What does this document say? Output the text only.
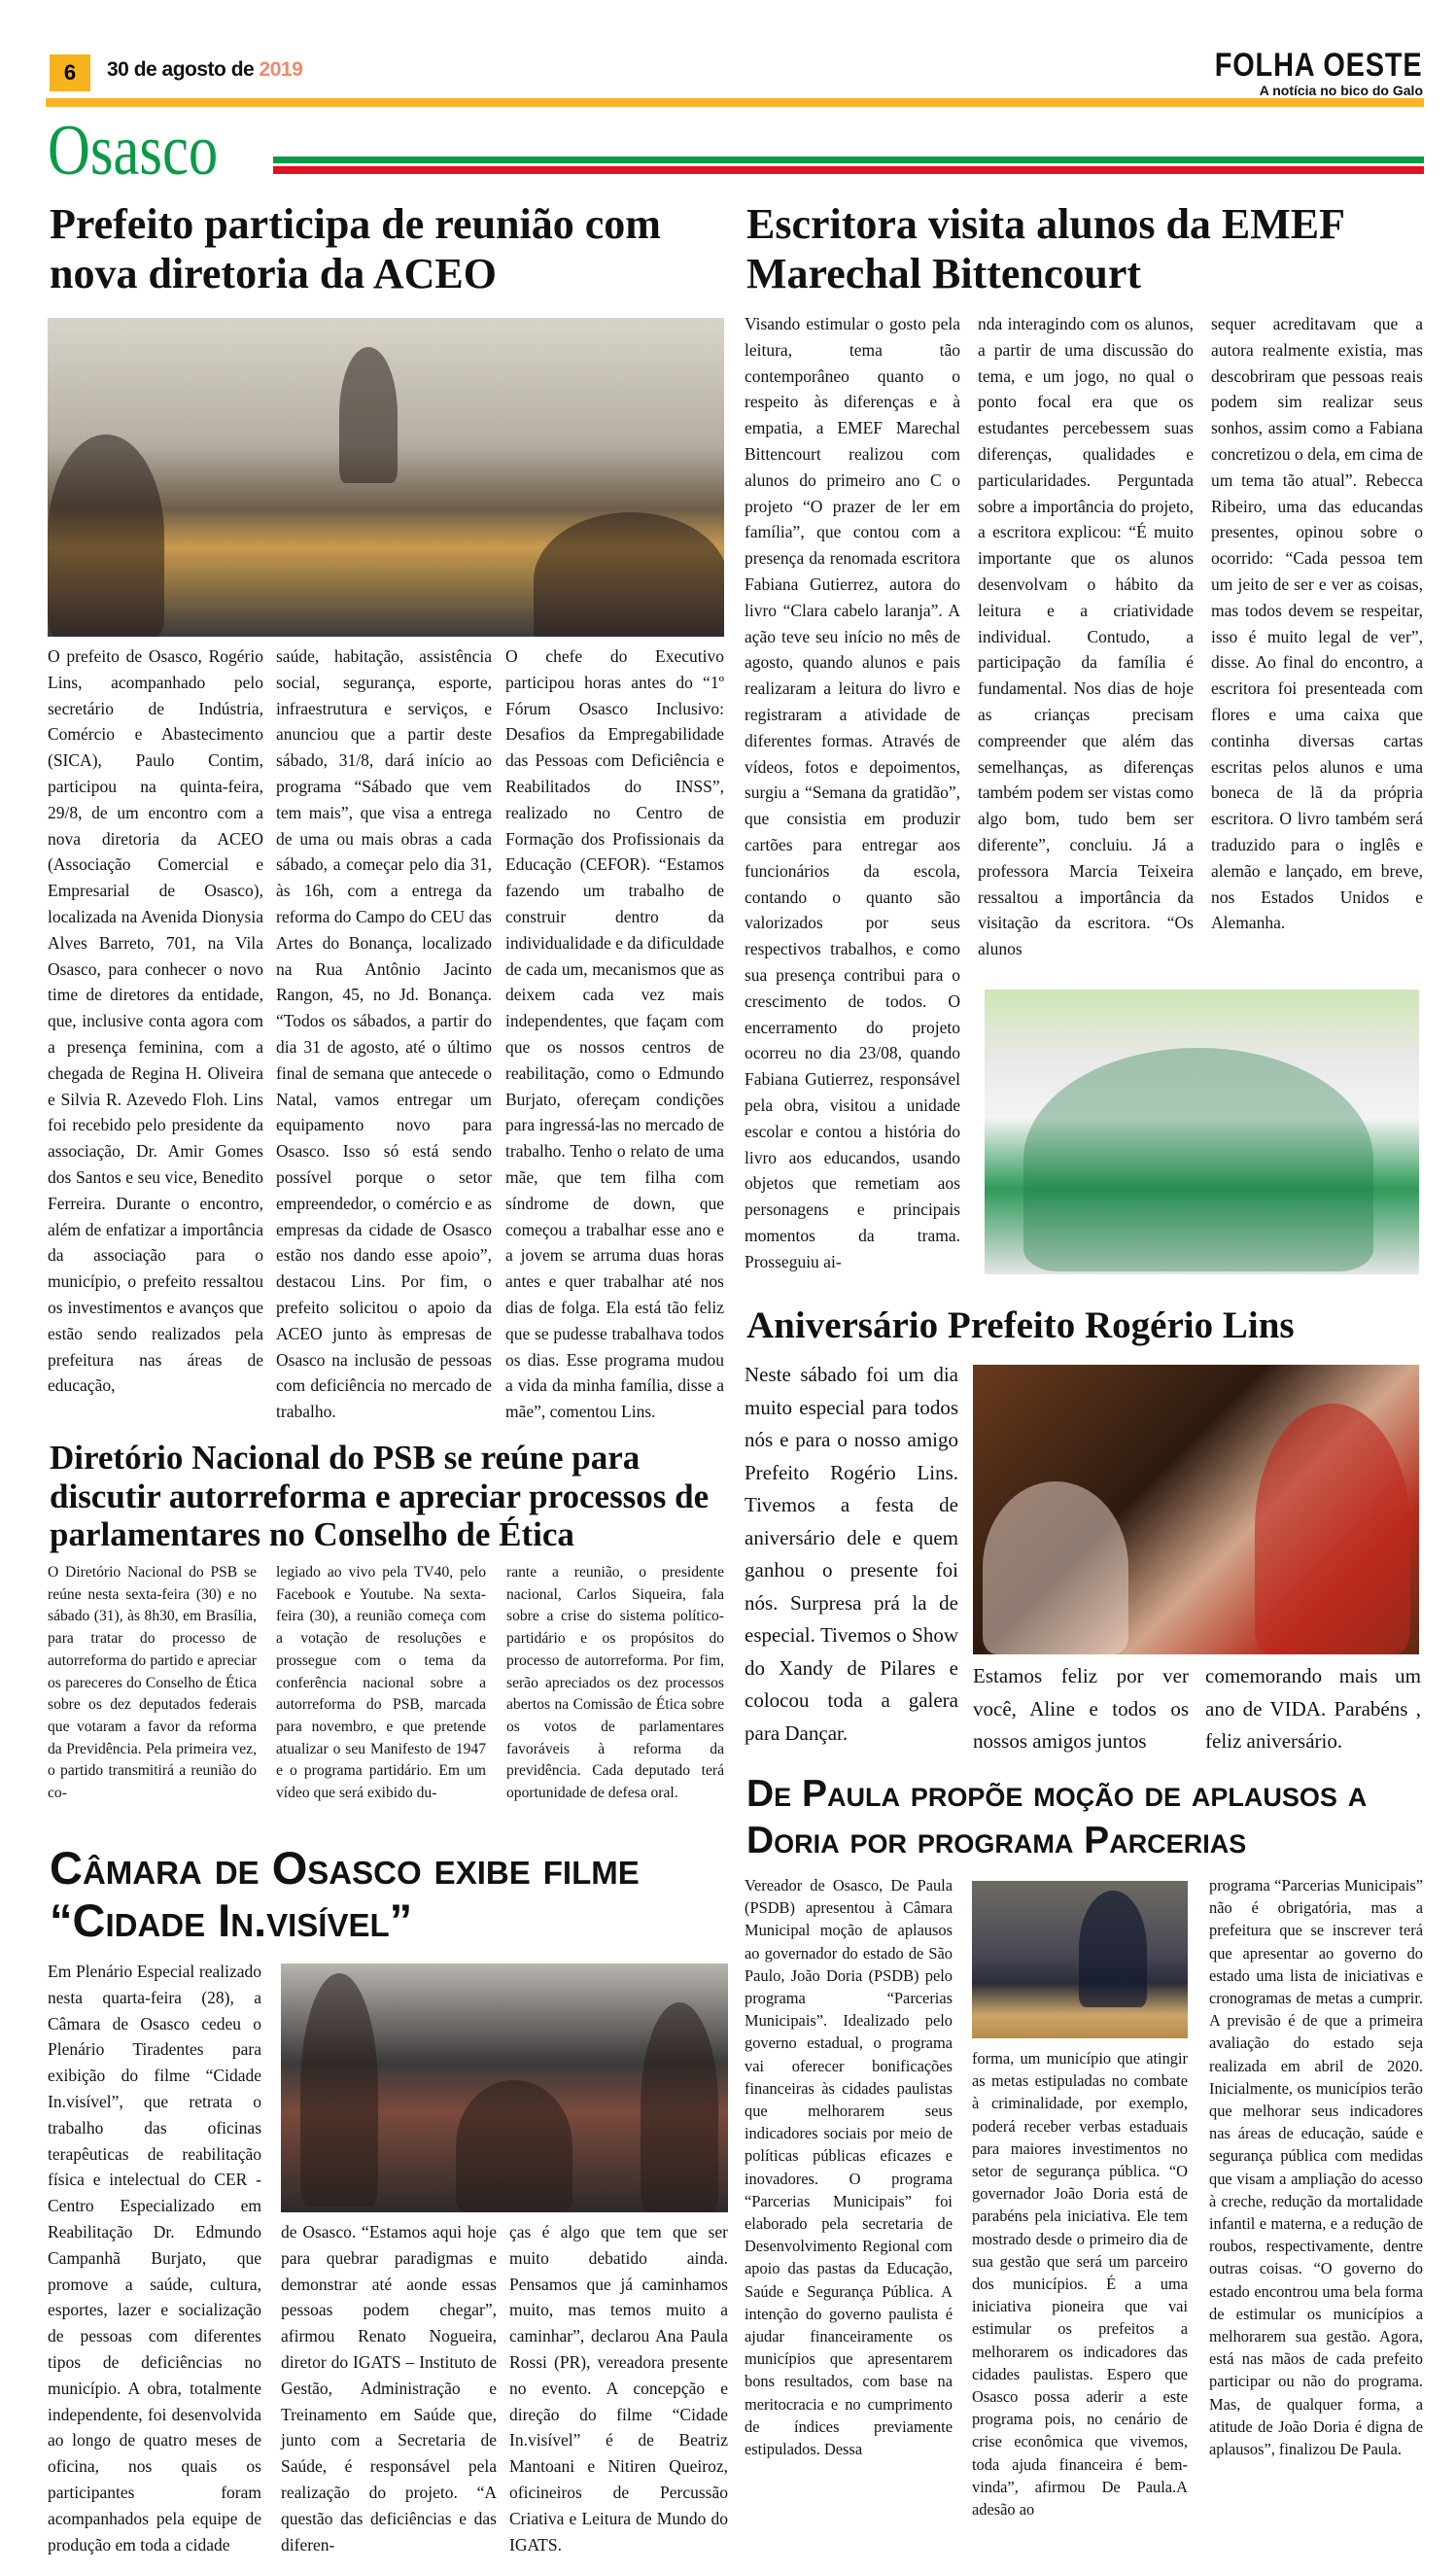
6	30 de agosto de 2019	FOLHA OESTE
A notícia no bico do Galo
Osasco
Prefeito participa de reunião com nova diretoria da ACEO

O prefeito de Osasco, Rogério Lins, acompanhado pelo secretário de Indústria, Comércio e Abastecimento (SICA), Paulo Contim, participou na quinta-feira, 29/8, de um encontro com a nova diretoria da ACEO (Associação Comercial e Empresarial de Osasco), localizada na Avenida Dionysia Alves Barreto, 701, na Vila Osasco, para conhecer o novo time de diretores da entidade, que, inclusive conta agora com a presença feminina, com a chegada de Regina H. Oliveira e Silvia R. Azevedo Floh. Lins foi recebido pelo presidente da associação, Dr. Amir Gomes dos Santos e seu vice, Benedito Ferreira. Durante o encontro, além de enfatizar a importância da associação para o município, o prefeito ressaltou os investimentos e avanços que estão sendo realizados pela prefeitura nas áreas de educação,

saúde, habitação, assistência social, segurança, esporte, infraestrutura e serviços, e anunciou que a partir deste sábado, 31/8, dará início ao programa “Sábado que vem tem mais”, que visa a entrega de uma ou mais obras a cada sábado, a começar pelo dia 31, às 16h, com a entrega da reforma do Campo do CEU das Artes do Bonança, localizado na Rua Antônio Jacinto Rangon, 45, no Jd. Bonança. “Todos os sábados, a partir do dia 31 de agosto, até o último final de semana que antecede o Natal, vamos entregar um equipamento novo para Osasco. Isso só está sendo possível porque o setor empreendedor, o comércio e as empresas da cidade de Osasco estão nos dando esse apoio”, destacou Lins. Por fim, o prefeito solicitou o apoio da ACEO junto às empresas de Osasco na inclusão de pessoas com deficiência no mercado de trabalho.

O chefe do Executivo participou horas antes do “1º Fórum Osasco Inclusivo: Desafios da Empregabilidade das Pessoas com Deficiência e Reabilitados do INSS”, realizado no Centro de Formação dos Profissionais da Educação (CEFOR). “Estamos fazendo um trabalho de construir dentro da individualidade e da dificuldade de cada um, mecanismos que as deixem cada vez mais independentes, que façam com que os nossos centros de reabilitação, como o Edmundo Burjato, ofereçam condições para ingressá-las no mercado de trabalho. Tenho o relato de uma mãe, que tem filha com síndrome de down, que começou a trabalhar esse ano e a jovem se arruma duas horas antes e quer trabalhar até nos dias de folga. Ela está tão feliz que se pudesse trabalhava todos os dias. Esse programa mudou a vida da minha família, disse a mãe”, comentou Lins.

Diretório Nacional do PSB se reúne para discutir autorreforma e apreciar processos de parlamentares no Conselho de Ética

O Diretório Nacional do PSB se reúne nesta sexta-feira (30) e no sábado (31), às 8h30, em Brasília, para tratar do processo de autorreforma do partido e apreciar os pareceres do Conselho de Ética sobre os dez deputados federais que votaram a favor da reforma da Previdência. Pela primeira vez, o partido transmitirá a reunião do co-

legiado ao vivo pela TV40, pelo Facebook e Youtube. Na sexta-feira (30), a reunião começa com a votação de resoluções e prossegue com o tema da conferência nacional sobre a autorreforma do PSB, marcada para novembro, e que pretende atualizar o seu Manifesto de 1947 e o programa partidário. Em um vídeo que será exibido du-

rante a reunião, o presidente nacional, Carlos Siqueira, fala sobre a crise do sistema político-partidário e os propósitos do processo de autorreforma. Por fim, serão apreciados os dez processos abertos na Comissão de Ética sobre os votos de parlamentares favoráveis à reforma da previdência. Cada deputado terá oportunidade de defesa oral.

Câmara de Osasco exibe filme “Cidade In.visível”

Em Plenário Especial realizado nesta quarta-feira (28), a Câmara de Osasco cedeu o Plenário Tiradentes para exibição do filme “Cidade In.visível”, que retrata o trabalho das oficinas terapêuticas de reabilitação física e intelectual do CER - Centro Especializado em Reabilitação Dr. Edmundo Campanhã Burjato, que promove a saúde, cultura, esportes, lazer e socialização de pessoas com diferentes tipos de deficiências no município. A obra, totalmente independente, foi desenvolvida ao longo de quatro meses de oficina, nos quais os participantes foram acompanhados pela equipe de produção em toda a cidade

de Osasco. “Estamos aqui hoje para quebrar paradigmas e demonstrar até aonde essas pessoas podem chegar”, afirmou Renato Nogueira, diretor do IGATS – Instituto de Gestão, Administração e Treinamento em Saúde que, junto com a Secretaria de Saúde, é responsável pela realização do projeto. “A questão das deficiências e das diferen-

ças é algo que tem que ser muito debatido ainda. Pensamos que já caminhamos muito, mas temos muito a caminhar”, declarou Ana Paula Rossi (PR), vereadora presente no evento. A concepção e direção do filme “Cidade In.visível” é de Beatriz Mantoani e Nitiren Queiroz, oficineiros de Percussão Criativa e Leitura de Mundo do IGATS.

Escritora visita alunos da EMEF Marechal Bittencourt

Visando estimular o gosto pela leitura, tema tão contemporâneo quanto o respeito às diferenças e à empatia, a EMEF Marechal Bittencourt realizou com alunos do primeiro ano C o projeto “O prazer de ler em família”, que contou com a presença da renomada escritora Fabiana Gutierrez, autora do livro “Clara cabelo laranja”. A ação teve seu início no mês de agosto, quando alunos e pais realizaram a leitura do livro e registraram a atividade de diferentes formas. Através de vídeos, fotos e depoimentos, surgiu a “Semana da gratidão”, que consistia em produzir cartões para entregar aos funcionários da escola, contando o quanto são valorizados por seus respectivos trabalhos, e como sua presença contribui para o crescimento de todos. O encerramento do projeto ocorreu no dia 23/08, quando Fabiana Gutierrez, responsável pela obra, visitou a unidade escolar e contou a história do livro aos educandos, usando objetos que remetiam aos personagens e principais momentos da trama. Prosseguiu ai-

nda interagindo com os alunos, a partir de uma discussão do tema, e um jogo, no qual o ponto focal era que os estudantes percebessem suas diferenças, qualidades e particularidades. Perguntada sobre a importância do projeto, a escritora explicou: “É muito importante que os alunos desenvolvam o hábito da leitura e a criatividade individual. Contudo, a participação da família é fundamental. Nos dias de hoje as crianças precisam compreender que além das semelhanças, as diferenças também podem ser vistas como algo bom, tudo bem ser diferente”, concluiu. Já a professora Marcia Teixeira ressaltou a importância da visitação da escritora. “Os alunos

sequer acreditavam que a autora realmente existia, mas descobriram que pessoas reais podem sim realizar seus sonhos, assim como a Fabiana concretizou o dela, em cima de um tema tão atual”. Rebecca Ribeiro, uma das educandas presentes, opinou sobre o ocorrido: “Cada pessoa tem um jeito de ser e ver as coisas, mas todos devem se respeitar, isso é muito legal de ver”, disse. Ao final do encontro, a escritora foi presenteada com flores e uma caixa que continha diversas cartas escritas pelos alunos e uma boneca de lã da própria escritora. O livro também será traduzido para o inglês e alemão e lançado, em breve, nos Estados Unidos e Alemanha.

Aniversário Prefeito Rogério Lins

Neste sábado foi um dia muito especial para todos nós e para o nosso amigo Prefeito Rogério Lins. Tivemos a festa de aniversário dele e quem ganhou o presente foi nós. Surpresa prá la de especial. Tivemos o Show do Xandy de Pilares e colocou toda a galera para Dançar.

Estamos feliz por ver você, Aline e todos os nossos amigos juntos

comemorando mais um ano de VIDA. Parabéns , feliz aniversário.

De Paula propõe moção de aplausos a Doria por programa Parcerias

Vereador de Osasco, De Paula (PSDB) apresentou à Câmara Municipal moção de aplausos ao governador do estado de São Paulo, João Doria (PSDB) pelo programa “Parcerias Municipais”. Idealizado pelo governo estadual, o programa vai oferecer bonificações financeiras às cidades paulistas que melhorarem seus indicadores sociais por meio de políticas públicas eficazes e inovadores. O programa “Parcerias Municipais” foi elaborado pela secretaria de Desenvolvimento Regional com apoio das pastas da Educação, Saúde e Segurança Pública. A intenção do governo paulista é ajudar financeiramente os municípios que apresentarem bons resultados, com base na meritocracia e no cumprimento de índices previamente estipulados. Dessa

forma, um município que atingir as metas estipuladas no combate à criminalidade, por exemplo, poderá receber verbas estaduais para maiores investimentos no setor de segurança pública. “O governador João Doria está de parabéns pela iniciativa. Ele tem mostrado desde o primeiro dia de sua gestão que será um parceiro dos municípios. É a uma iniciativa pioneira que vai estimular os prefeitos a melhorarem os indicadores das cidades paulistas. Espero que Osasco possa aderir a este programa pois, no cenário de crise econômica que vivemos, toda ajuda financeira é bem-vinda”, afirmou De Paula.A adesão ao

programa “Parcerias Municipais” não é obrigatória, mas a prefeitura que se inscrever terá que apresentar ao governo do estado uma lista de iniciativas e cronogramas de metas a cumprir. A previsão é de que a primeira avaliação do estado seja realizada em abril de 2020. Inicialmente, os municípios terão que melhorar seus indicadores nas áreas de educação, saúde e segurança pública com medidas que visam a ampliação do acesso à creche, redução da mortalidade infantil e materna, e a redução de roubos, respectivamente, dentre outras coisas. “O governo do estado encontrou uma bela forma de estimular os municípios a melhorarem sua gestão. Agora, está nas mãos de cada prefeito participar ou não do programa. Mas, de qualquer forma, a atitude de João Doria é digna de aplausos”, finalizou De Paula.
